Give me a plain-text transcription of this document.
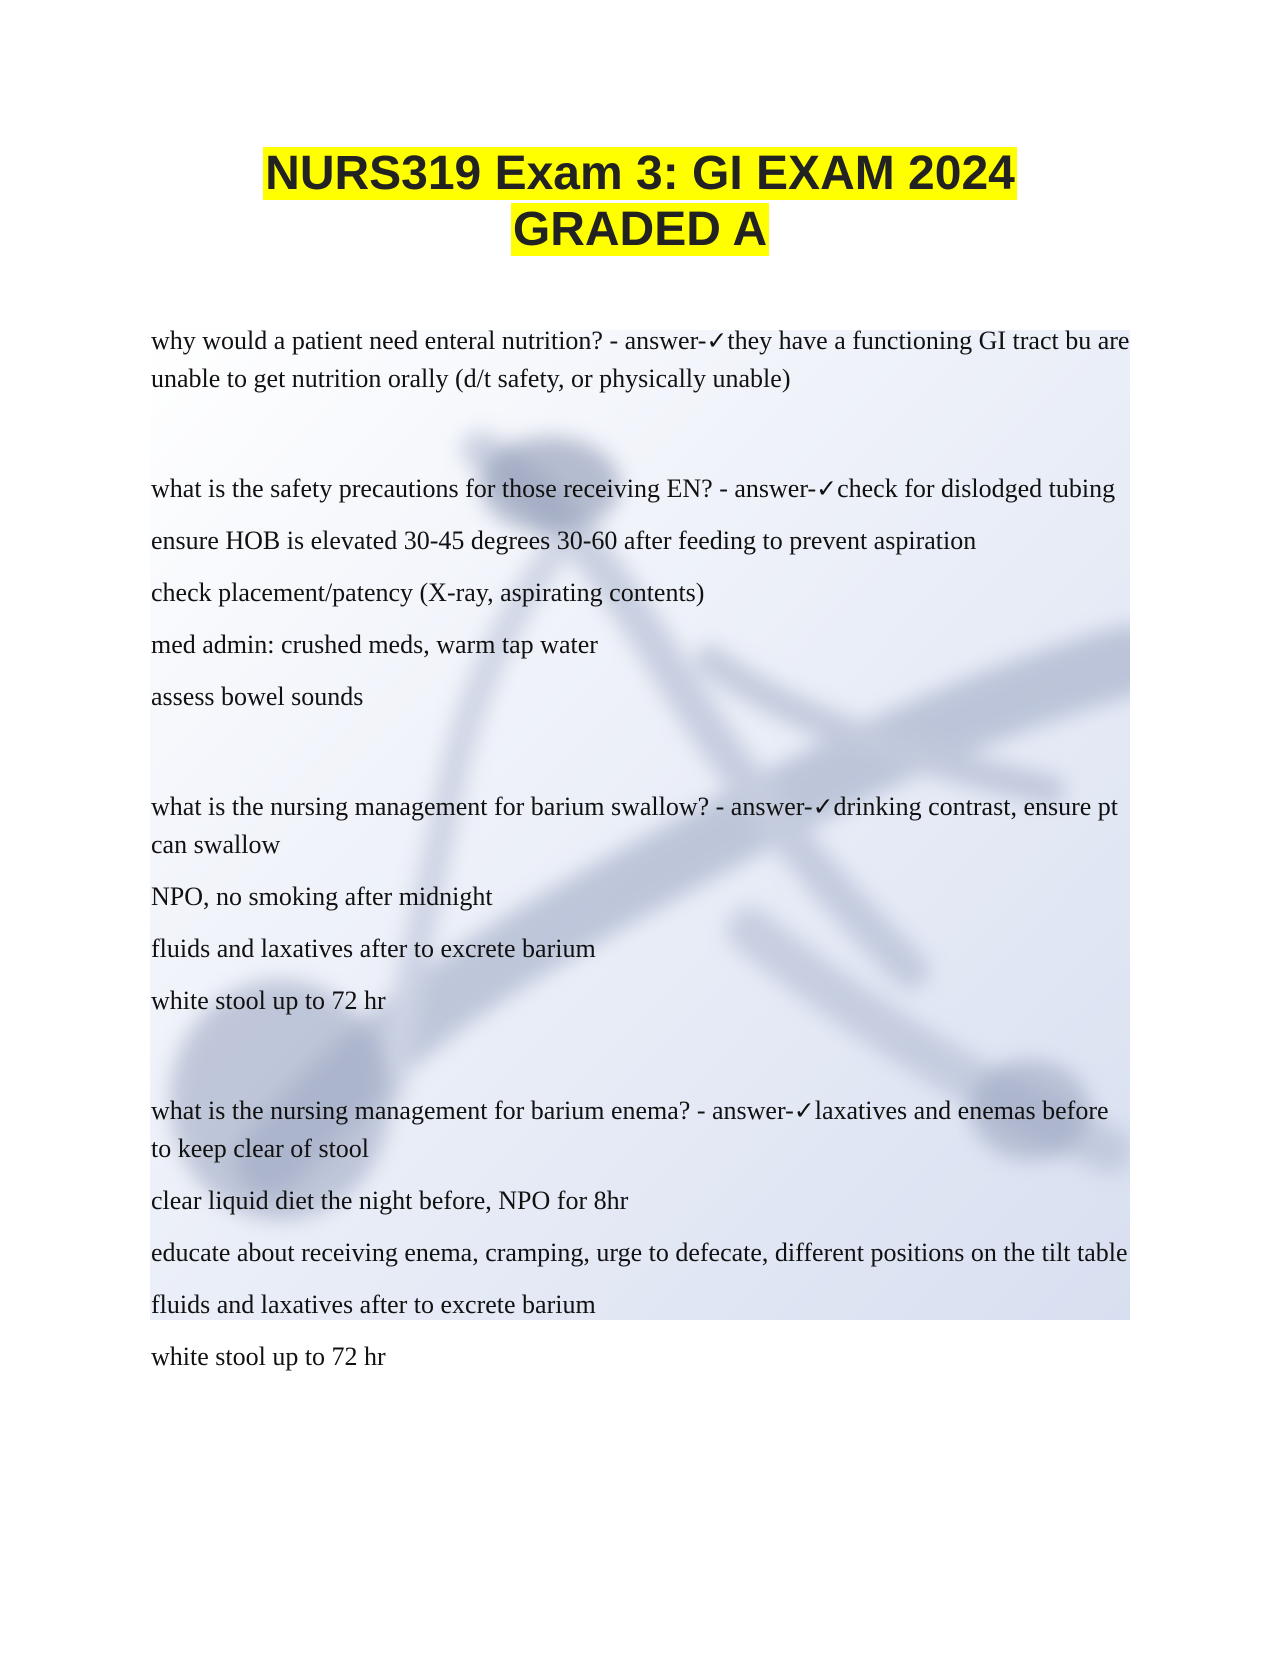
NURS319 Exam 3: GI EXAM 2024
GRADED A

why would a patient need enteral nutrition? - answer-✓they have a functioning GI tract bu are unable to get nutrition orally (d/t safety, or physically unable)

what is the safety precautions for those receiving EN? - answer-✓check for dislodged tubing

ensure HOB is elevated 30-45 degrees 30-60 after feeding to prevent aspiration

check placement/patency (X-ray, aspirating contents)

med admin: crushed meds, warm tap water

assess bowel sounds

what is the nursing management for barium swallow? - answer-✓drinking contrast, ensure pt can swallow

NPO, no smoking after midnight

fluids and laxatives after to excrete barium

white stool up to 72 hr

what is the nursing management for barium enema? - answer-✓laxatives and enemas before to keep clear of stool

clear liquid diet the night before, NPO for 8hr

educate about receiving enema, cramping, urge to defecate, different positions on the tilt table

fluids and laxatives after to excrete barium

white stool up to 72 hr
